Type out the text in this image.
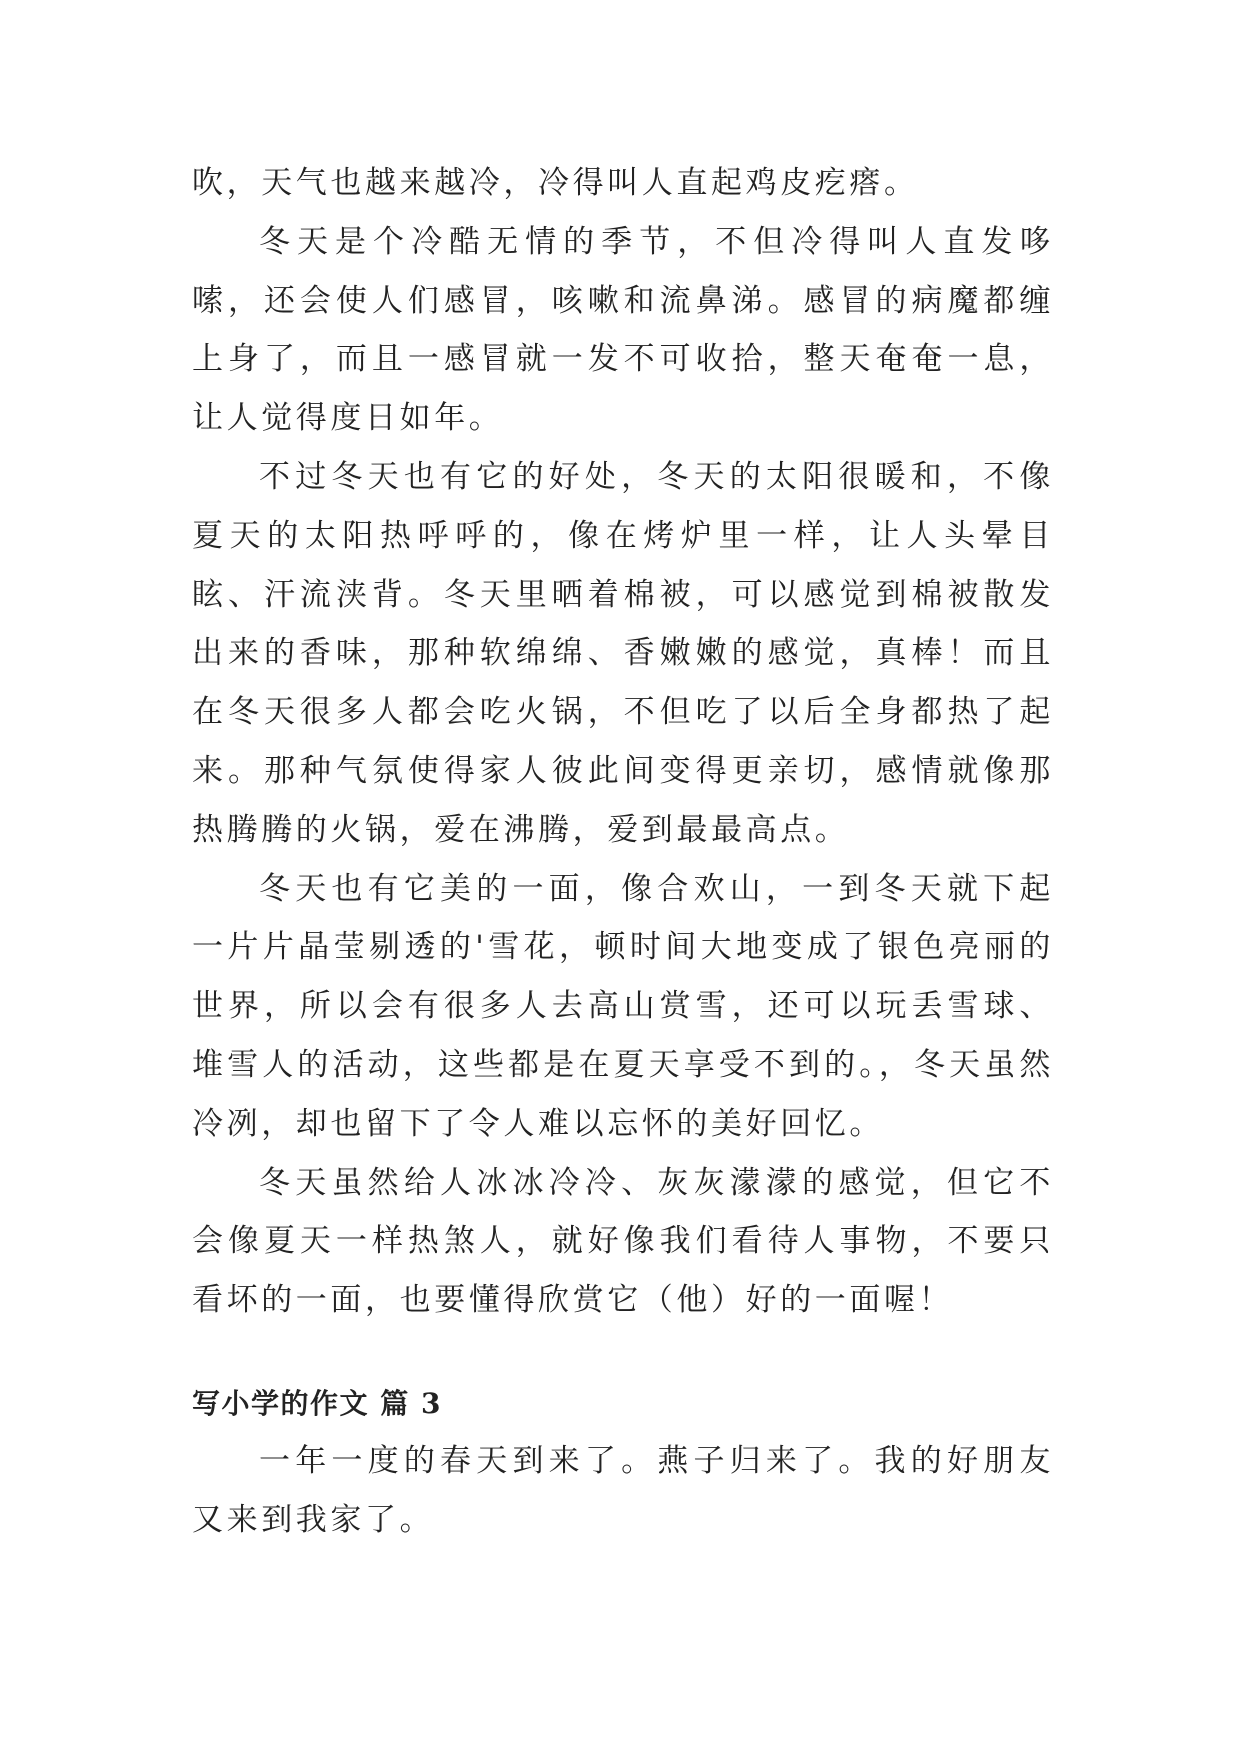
吹，天气也越来越冷，冷得叫人直起鸡皮疙瘩。

冬天是个冷酷无情的季节，不但冷得叫人直发哆嗦，还会使人们感冒，咳嗽和流鼻涕。感冒的病魔都缠上身了，而且一感冒就一发不可收拾，整天奄奄一息，让人觉得度日如年。

不过冬天也有它的好处，冬天的太阳很暖和，不像夏天的太阳热呼呼的，像在烤炉里一样，让人头晕目眩、汗流浃背。冬天里晒着棉被，可以感觉到棉被散发出来的香味，那种软绵绵、香嫩嫩的感觉，真棒！而且在冬天很多人都会吃火锅，不但吃了以后全身都热了起来。那种气氛使得家人彼此间变得更亲切，感情就像那热腾腾的火锅，爱在沸腾，爱到最最高点。

冬天也有它美的一面，像合欢山，一到冬天就下起一片片晶莹剔透的'雪花，顿时间大地变成了银色亮丽的世界，所以会有很多人去高山赏雪，还可以玩丢雪球、堆雪人的活动，这些都是在夏天享受不到的。，冬天虽然冷冽，却也留下了令人难以忘怀的美好回忆。

冬天虽然给人冰冰冷冷、灰灰濛濛的感觉，但它不会像夏天一样热煞人，就好像我们看待人事物，不要只看坏的一面，也要懂得欣赏它（他）好的一面喔！

写小学的作文 篇 3

一年一度的春天到来了。燕子归来了。我的好朋友又来到我家了。
